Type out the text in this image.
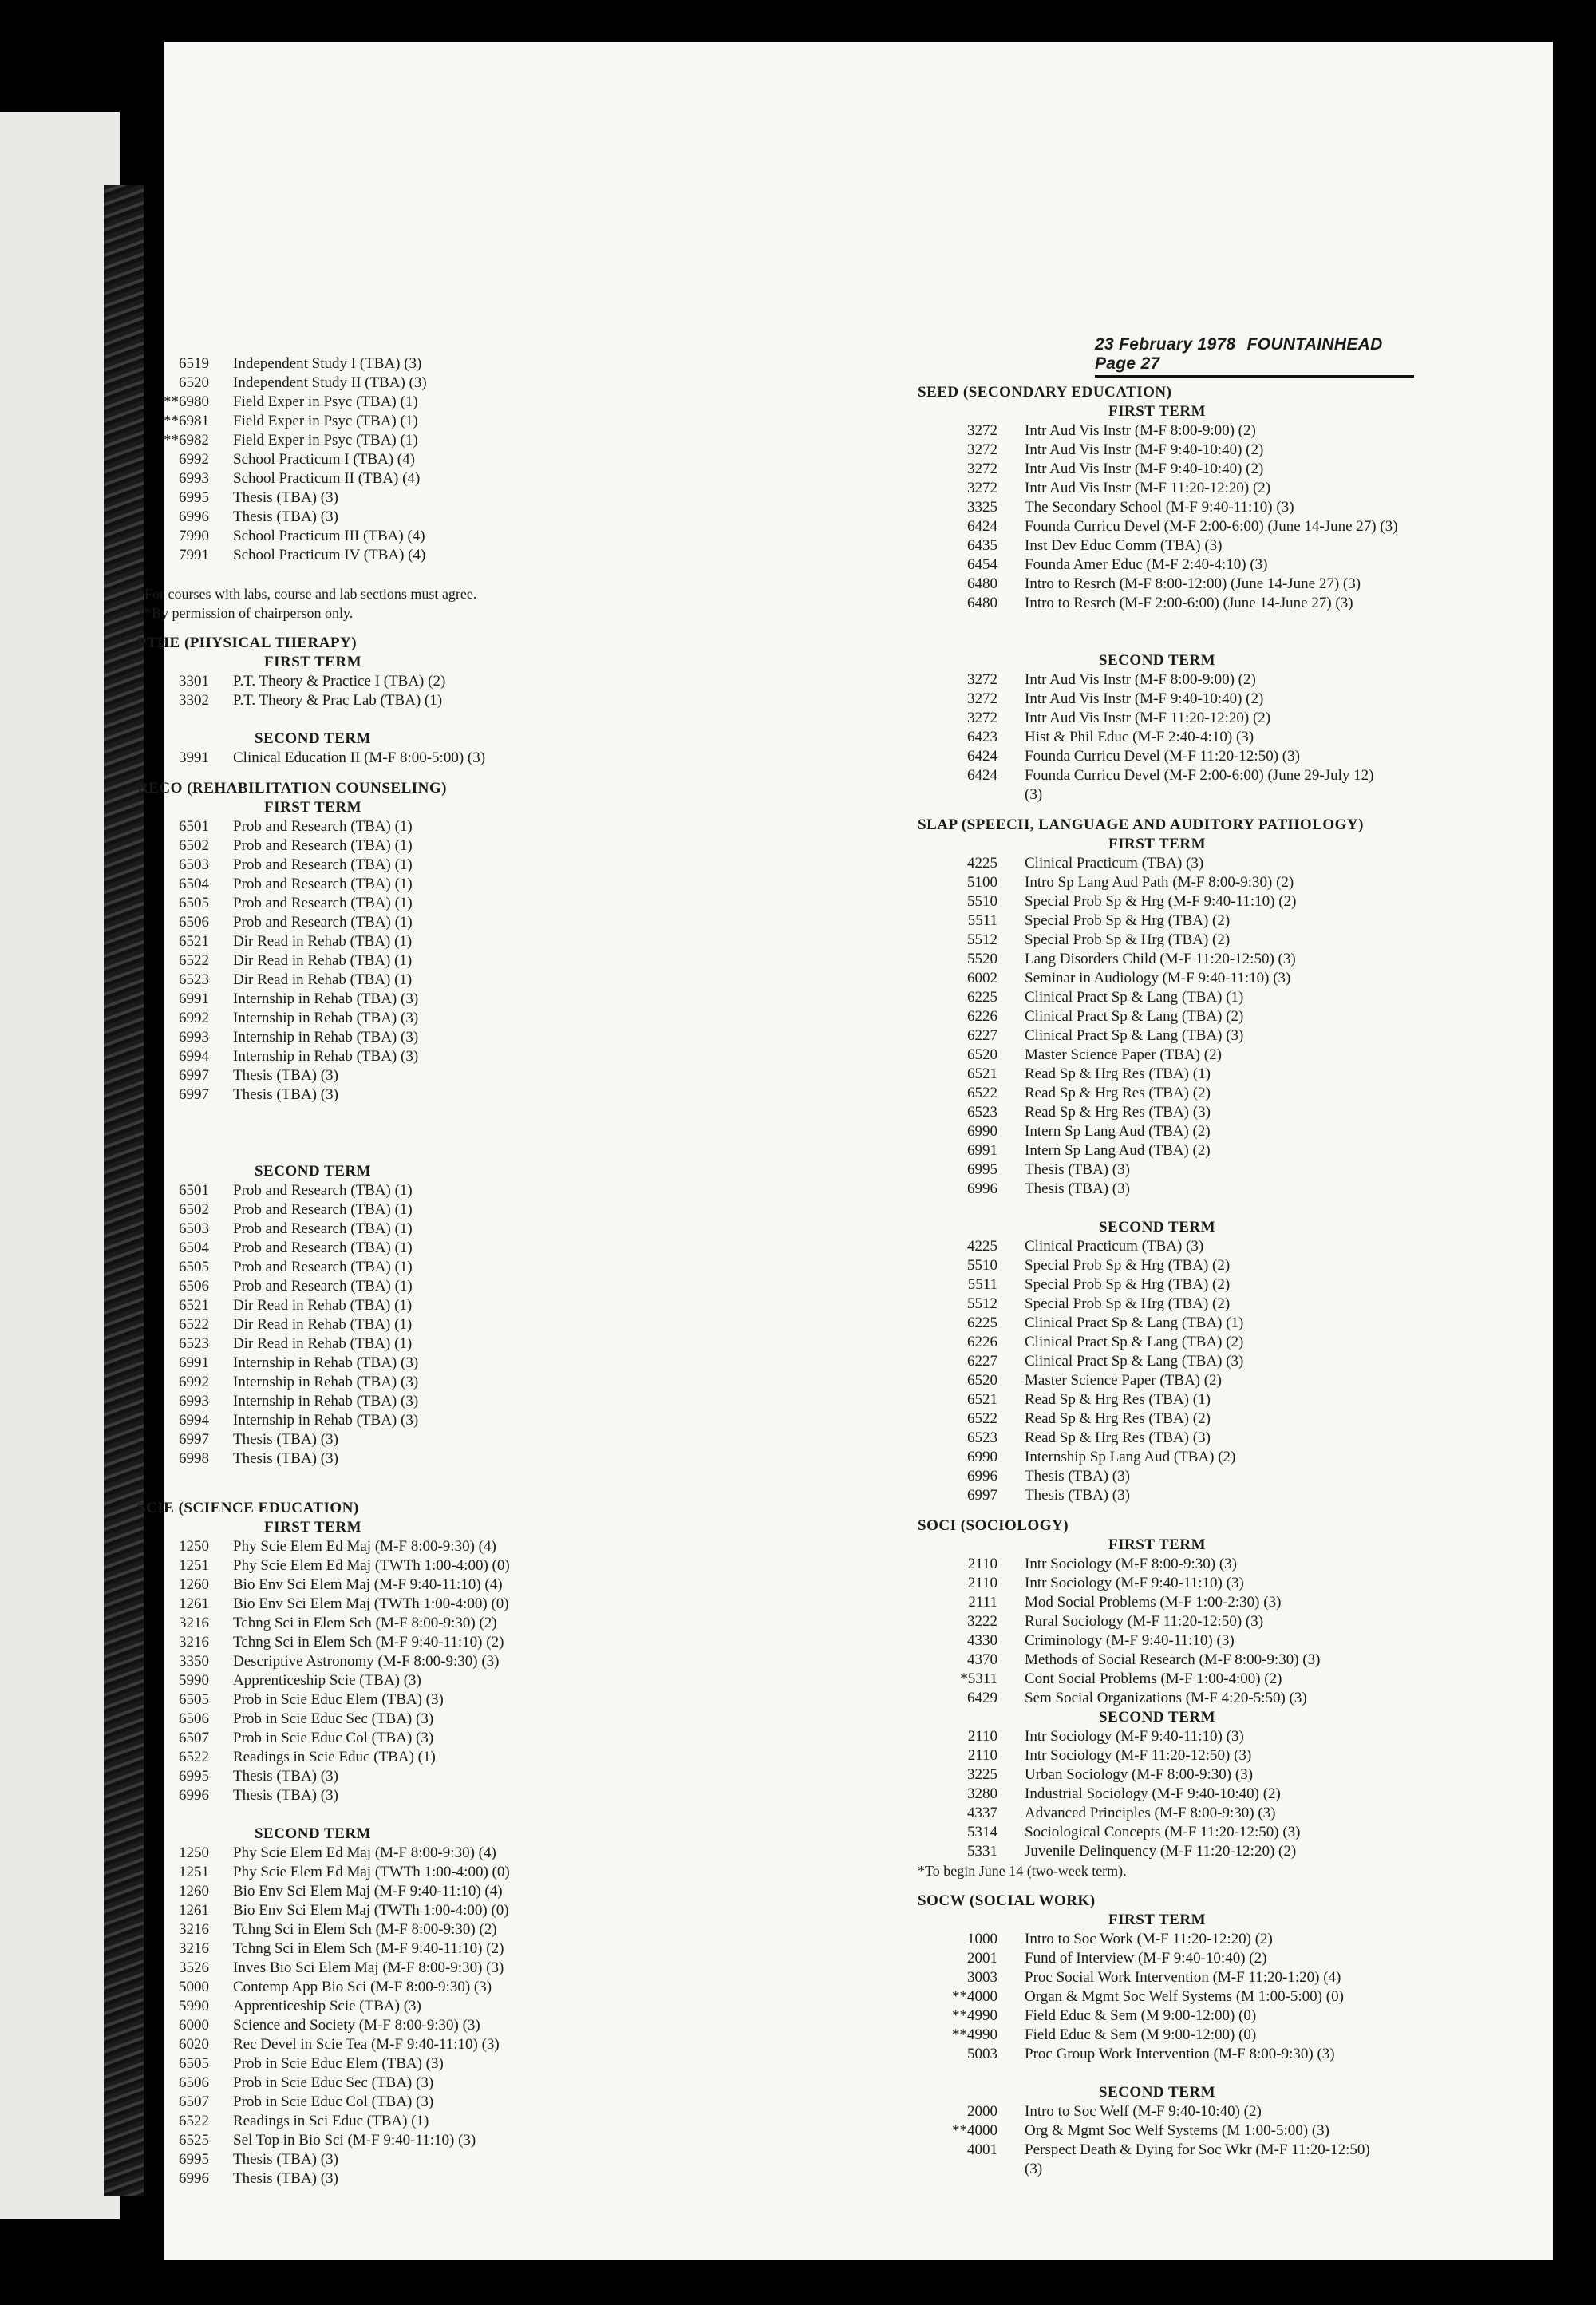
23 February 1978 FOUNTAINHEAD Page 27
6519	Independent Study I (TBA) (3)
6520	Independent Study II (TBA) (3)
**6980	Field Exper in Psyc (TBA) (1)
**6981	Field Exper in Psyc (TBA) (1)
**6982	Field Exper in Psyc (TBA) (1)
6992	School Practicum I (TBA) (4)
6993	School Practicum II (TBA) (4)
6995	Thesis (TBA) (3)
6996	Thesis (TBA) (3)
7990	School Practicum III (TBA) (4)
7991	School Practicum IV (TBA) (4)
*For courses with labs, course and lab sections must agree.
**By permission of chairperson only.
PTHE (PHYSICAL THERAPY)
FIRST TERM
3301	P.T. Theory & Practice I (TBA) (2)
3302	P.T. Theory & Prac Lab (TBA) (1)
SECOND TERM
3991	Clinical Education II (M-F 8:00-5:00) (3)
RECO (REHABILITATION COUNSELING)
FIRST TERM
6501	Prob and Research (TBA) (1)
6502	Prob and Research (TBA) (1)
6503	Prob and Research (TBA) (1)
6504	Prob and Research (TBA) (1)
6505	Prob and Research (TBA) (1)
6506	Prob and Research (TBA) (1)
6521	Dir Read in Rehab (TBA) (1)
6522	Dir Read in Rehab (TBA) (1)
6523	Dir Read in Rehab (TBA) (1)
6991	Internship in Rehab (TBA) (3)
6992	Internship in Rehab (TBA) (3)
6993	Internship in Rehab (TBA) (3)
6994	Internship in Rehab (TBA) (3)
6997	Thesis (TBA) (3)
6997	Thesis (TBA) (3)
SECOND TERM
6501	Prob and Research (TBA) (1)
6502	Prob and Research (TBA) (1)
6503	Prob and Research (TBA) (1)
6504	Prob and Research (TBA) (1)
6505	Prob and Research (TBA) (1)
6506	Prob and Research (TBA) (1)
6521	Dir Read in Rehab (TBA) (1)
6522	Dir Read in Rehab (TBA) (1)
6523	Dir Read in Rehab (TBA) (1)
6991	Internship in Rehab (TBA) (3)
6992	Internship in Rehab (TBA) (3)
6993	Internship in Rehab (TBA) (3)
6994	Internship in Rehab (TBA) (3)
6997	Thesis (TBA) (3)
6998	Thesis (TBA) (3)
SCIE (SCIENCE EDUCATION)
FIRST TERM
1250	Phy Scie Elem Ed Maj (M-F 8:00-9:30) (4)
1251	Phy Scie Elem Ed Maj (TWTh 1:00-4:00) (0)
1260	Bio Env Sci Elem Maj (M-F 9:40-11:10) (4)
1261	Bio Env Sci Elem Maj (TWTh 1:00-4:00) (0)
3216	Tchng Sci in Elem Sch (M-F 8:00-9:30) (2)
3216	Tchng Sci in Elem Sch (M-F 9:40-11:10) (2)
3350	Descriptive Astronomy (M-F 8:00-9:30) (3)
5990	Apprenticeship Scie (TBA) (3)
6505	Prob in Scie Educ Elem (TBA) (3)
6506	Prob in Scie Educ Sec (TBA) (3)
6507	Prob in Scie Educ Col (TBA) (3)
6522	Readings in Scie Educ (TBA) (1)
6995	Thesis (TBA) (3)
6996	Thesis (TBA) (3)
SECOND TERM
1250	Phy Scie Elem Ed Maj (M-F 8:00-9:30) (4)
1251	Phy Scie Elem Ed Maj (TWTh 1:00-4:00) (0)
1260	Bio Env Sci Elem Maj (M-F 9:40-11:10) (4)
1261	Bio Env Sci Elem Maj (TWTh 1:00-4:00) (0)
3216	Tchng Sci in Elem Sch (M-F 8:00-9:30) (2)
3216	Tchng Sci in Elem Sch (M-F 9:40-11:10) (2)
3526	Inves Bio Sci Elem Maj (M-F 8:00-9:30) (3)
5000	Contemp App Bio Sci (M-F 8:00-9:30) (3)
5990	Apprenticeship Scie (TBA) (3)
6000	Science and Society (M-F 8:00-9:30) (3)
6020	Rec Devel in Scie Tea (M-F 9:40-11:10) (3)
6505	Prob in Scie Educ Elem (TBA) (3)
6506	Prob in Scie Educ Sec (TBA) (3)
6507	Prob in Scie Educ Col (TBA) (3)
6522	Readings in Sci Educ (TBA) (1)
6525	Sel Top in Bio Sci (M-F 9:40-11:10) (3)
6995	Thesis (TBA) (3)
6996	Thesis (TBA) (3)
SEED (SECONDARY EDUCATION)
FIRST TERM
3272	Intr Aud Vis Instr (M-F 8:00-9:00) (2)
3272	Intr Aud Vis Instr (M-F 9:40-10:40) (2)
3272	Intr Aud Vis Instr (M-F 9:40-10:40) (2)
3272	Intr Aud Vis Instr (M-F 11:20-12:20) (2)
3325	The Secondary School (M-F 9:40-11:10) (3)
6424	Founda Curricu Devel (M-F 2:00-6:00) (June 14-June 27) (3)
6435	Inst Dev Educ Comm (TBA) (3)
6454	Founda Amer Educ (M-F 2:40-4:10) (3)
6480	Intro to Resrch (M-F 8:00-12:00) (June 14-June 27) (3)
6480	Intro to Resrch (M-F 2:00-6:00) (June 14-June 27) (3)
SECOND TERM
3272	Intr Aud Vis Instr (M-F 8:00-9:00) (2)
3272	Intr Aud Vis Instr (M-F 9:40-10:40) (2)
3272	Intr Aud Vis Instr (M-F 11:20-12:20) (2)
6423	Hist & Phil Educ (M-F 2:40-4:10) (3)
6424	Founda Curricu Devel (M-F 11:20-12:50) (3)
6424	Founda Curricu Devel (M-F 2:00-6:00) (June 29-July 12)
(3)
SLAP (SPEECH, LANGUAGE AND AUDITORY PATHOLOGY)
FIRST TERM
4225	Clinical Practicum (TBA) (3)
5100	Intro Sp Lang Aud Path (M-F 8:00-9:30) (2)
5510	Special Prob Sp & Hrg (M-F 9:40-11:10) (2)
5511	Special Prob Sp & Hrg (TBA) (2)
5512	Special Prob Sp & Hrg (TBA) (2)
5520	Lang Disorders Child (M-F 11:20-12:50) (3)
6002	Seminar in Audiology (M-F 9:40-11:10) (3)
6225	Clinical Pract Sp & Lang (TBA) (1)
6226	Clinical Pract Sp & Lang (TBA) (2)
6227	Clinical Pract Sp & Lang (TBA) (3)
6520	Master Science Paper (TBA) (2)
6521	Read Sp & Hrg Res (TBA) (1)
6522	Read Sp & Hrg Res (TBA) (2)
6523	Read Sp & Hrg Res (TBA) (3)
6990	Intern Sp Lang Aud (TBA) (2)
6991	Intern Sp Lang Aud (TBA) (2)
6995	Thesis (TBA) (3)
6996	Thesis (TBA) (3)
SECOND TERM
4225	Clinical Practicum (TBA) (3)
5510	Special Prob Sp & Hrg (TBA) (2)
5511	Special Prob Sp & Hrg (TBA) (2)
5512	Special Prob Sp & Hrg (TBA) (2)
6225	Clinical Pract Sp & Lang (TBA) (1)
6226	Clinical Pract Sp & Lang (TBA) (2)
6227	Clinical Pract Sp & Lang (TBA) (3)
6520	Master Science Paper (TBA) (2)
6521	Read Sp & Hrg Res (TBA) (1)
6522	Read Sp & Hrg Res (TBA) (2)
6523	Read Sp & Hrg Res (TBA) (3)
6990	Internship Sp Lang Aud (TBA) (2)
6996	Thesis (TBA) (3)
6997	Thesis (TBA) (3)
SOCI (SOCIOLOGY)
FIRST TERM
2110	Intr Sociology (M-F 8:00-9:30) (3)
2110	Intr Sociology (M-F 9:40-11:10) (3)
2111	Mod Social Problems (M-F 1:00-2:30) (3)
3222	Rural Sociology (M-F 11:20-12:50) (3)
4330	Criminology (M-F 9:40-11:10) (3)
4370	Methods of Social Research (M-F 8:00-9:30) (3)
*5311	Cont Social Problems (M-F 1:00-4:00) (2)
6429	Sem Social Organizations (M-F 4:20-5:50) (3)
SECOND TERM
2110	Intr Sociology (M-F 9:40-11:10) (3)
2110	Intr Sociology (M-F 11:20-12:50) (3)
3225	Urban Sociology (M-F 8:00-9:30) (3)
3280	Industrial Sociology (M-F 9:40-10:40) (2)
4337	Advanced Principles (M-F 8:00-9:30) (3)
5314	Sociological Concepts (M-F 11:20-12:50) (3)
5331	Juvenile Delinquency (M-F 11:20-12:20) (2)
*To begin June 14 (two-week term).
SOCW (SOCIAL WORK)
FIRST TERM
1000	Intro to Soc Work (M-F 11:20-12:20) (2)
2001	Fund of Interview (M-F 9:40-10:40) (2)
3003	Proc Social Work Intervention (M-F 11:20-1:20) (4)
**4000	Organ & Mgmt Soc Welf Systems (M 1:00-5:00) (0)
**4990	Field Educ & Sem (M 9:00-12:00) (0)
**4990	Field Educ & Sem (M 9:00-12:00) (0)
5003	Proc Group Work Intervention (M-F 8:00-9:30) (3)
SECOND TERM
2000	Intro to Soc Welf (M-F 9:40-10:40) (2)
**4000	Org & Mgmt Soc Welf Systems (M 1:00-5:00) (3)
4001	Perspect Death & Dying for Soc Wkr (M-F 11:20-12:50)
(3)
